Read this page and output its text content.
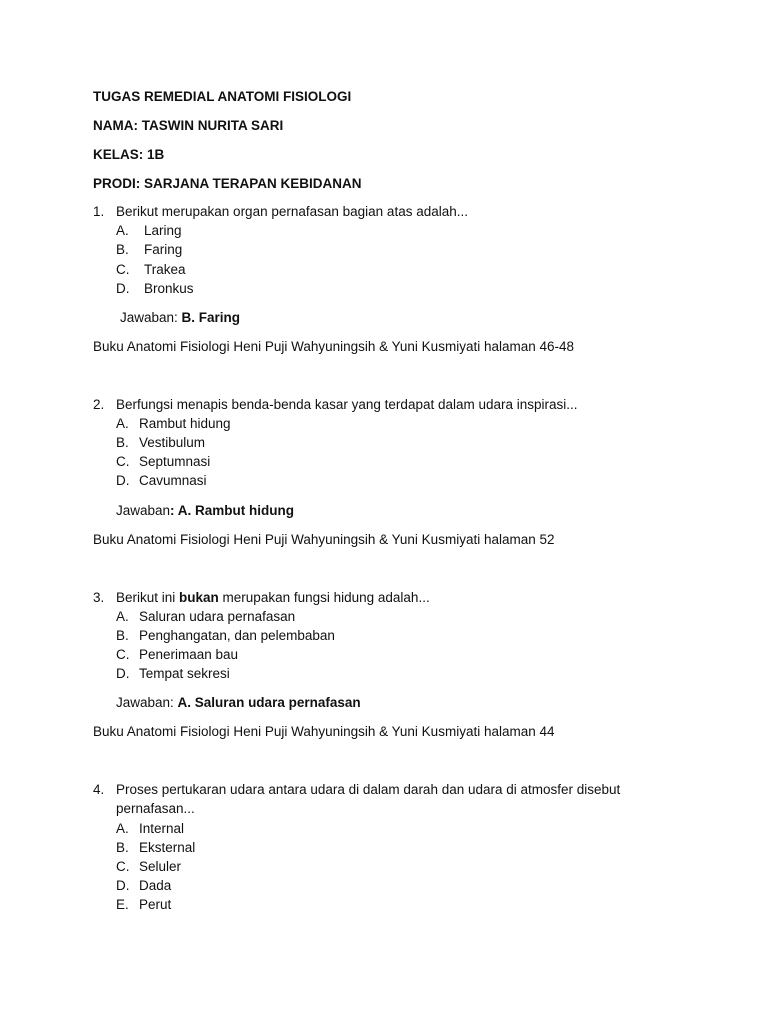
TUGAS REMEDIAL ANATOMI FISIOLOGI
NAMA: TASWIN NURITA SARI
KELAS: 1B
PRODI: SARJANA TERAPAN KEBIDANAN
1. Berikut merupakan organ pernafasan bagian atas adalah...
A. Laring
B. Faring
C. Trakea
D. Bronkus
Jawaban: B. Faring
Buku Anatomi Fisiologi Heni Puji Wahyuningsih & Yuni Kusmiyati halaman 46-48
2. Berfungsi menapis benda-benda kasar yang terdapat dalam udara inspirasi...
A. Rambut hidung
B. Vestibulum
C. Septumnasi
D. Cavumnasi
Jawaban: A. Rambut hidung
Buku Anatomi Fisiologi Heni Puji Wahyuningsih & Yuni Kusmiyati halaman 52
3. Berikut ini bukan merupakan fungsi hidung adalah...
A. Saluran udara pernafasan
B. Penghangatan, dan pelembaban
C. Penerimaan bau
D. Tempat sekresi
Jawaban: A. Saluran udara pernafasan
Buku Anatomi Fisiologi Heni Puji Wahyuningsih & Yuni Kusmiyati halaman 44
4. Proses pertukaran udara antara udara di dalam darah dan udara di atmosfer disebut
pernafasan...
A. Internal
B. Eksternal
C. Seluler
D. Dada
E. Perut
